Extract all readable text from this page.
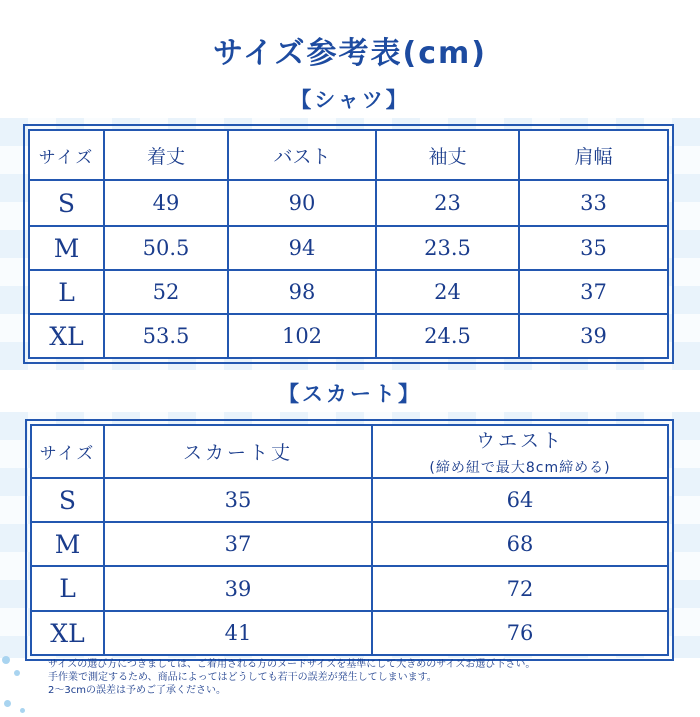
サイズ参考表(cm)
【シャツ】
サイズ	着丈	バスト	袖丈	肩幅
S	49	90	23	33
M	50.5	94	23.5	35
L	52	98	24	37
XL	53.5	102	24.5	39
【スカート】
サイズ	スカート丈	ウエスト
(締め紐で最大8cm締める)

S	35	64
M	37	68
L	39	72
XL	41	76
サイズの選び方につきましては、ご着用される方のヌードサイズを基準にして大きめのサイズお選び下さい。
手作業で測定するため、商品によってはどうしても若干の誤差が発生してしまいます。
2〜3cmの誤差は予めご了承ください。
